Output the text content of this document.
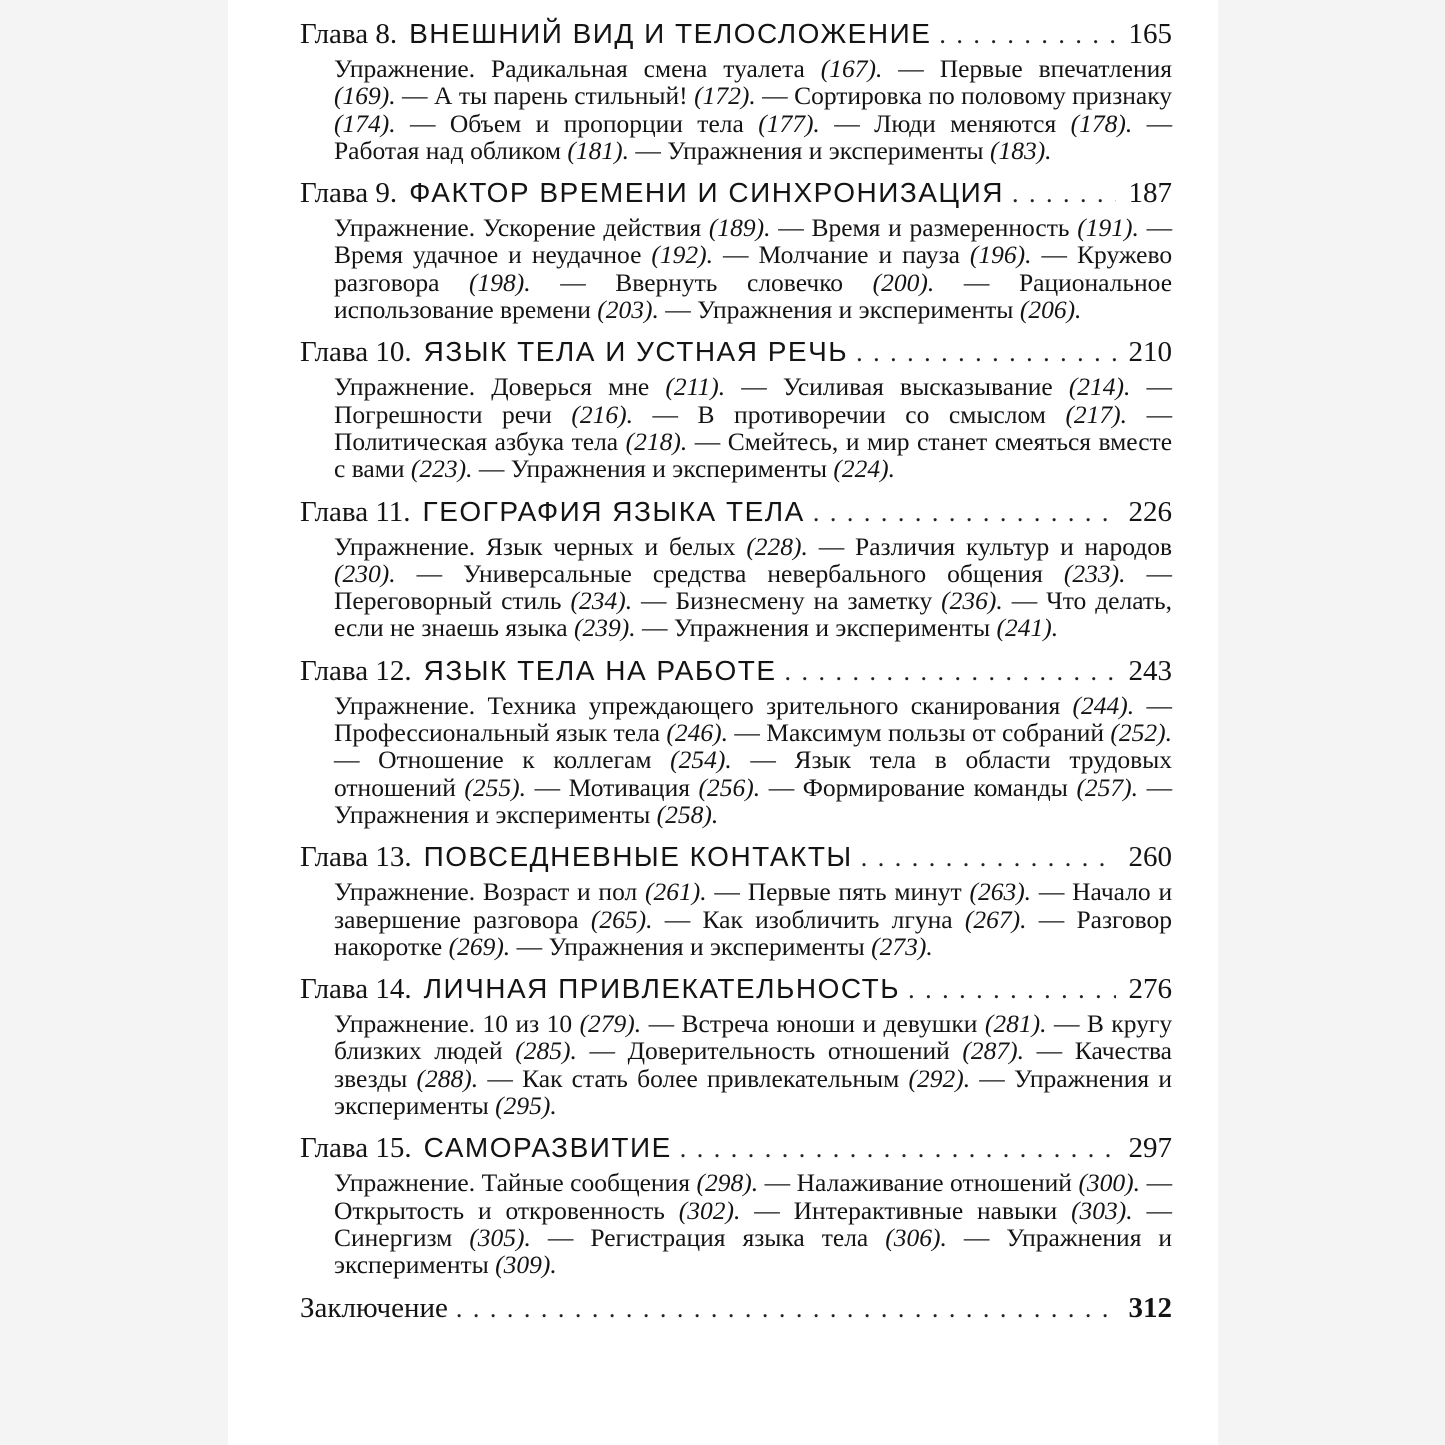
Глава 8. ВНЕШНИЙ ВИД И ТЕЛОСЛОЖЕНИЕ . . .	165
Упражнение. Радикальная смена туалета (167). — Первые впечатления (169). — А ты парень стильный! (172). — Сортировка по половому признаку (174). — Объем и пропорции тела (177). — Люди меняются (178). — Работая над обликом (181). — Упражнения и эксперименты (183).
Глава 9. ФАКТОР ВРЕМЕНИ И СИНХРОНИЗАЦИЯ . . .	187
Упражнение. Ускорение действия (189). — Время и размеренность (191). — Время удачное и неудачное (192). — Молчание и пауза (196). — Кружево разговора (198). — Ввернуть словечко (200). — Рациональное использование времени (203). — Упражнения и эксперименты (206).
Глава 10. ЯЗЫК ТЕЛА И УСТНАЯ РЕЧЬ . . .	210
Упражнение. Доверься мне (211). — Усиливая высказывание (214). — Погрешности речи (216). — В противоречии со смыслом (217). — Политическая азбука тела (218). — Смейтесь, и мир станет смеяться вместе с вами (223). — Упражнения и эксперименты (224).
Глава 11. ГЕОГРАФИЯ ЯЗЫКА ТЕЛА . . .	226
Упражнение. Язык черных и белых (228). — Различия культур и народов (230). — Универсальные средства невербального общения (233). — Переговорный стиль (234). — Бизнесмену на заметку (236). — Что делать, если не знаешь языка (239). — Упражнения и эксперименты (241).
Глава 12. ЯЗЫК ТЕЛА НА РАБОТЕ . . .	243
Упражнение. Техника упреждающего зрительного сканирования (244). — Профессиональный язык тела (246). — Максимум пользы от собраний (252). — Отношение к коллегам (254). — Язык тела в области трудовых отношений (255). — Мотивация (256). — Формирование команды (257). — Упражнения и эксперименты (258).
Глава 13. ПОВСЕДНЕВНЫЕ КОНТАКТЫ . . .	260
Упражнение. Возраст и пол (261). — Первые пять минут (263). — Начало и завершение разговора (265). — Как изобличить лгуна (267). — Разговор накоротке (269). — Упражнения и эксперименты (273).
Глава 14. ЛИЧНАЯ ПРИВЛЕКАТЕЛЬНОСТЬ . . .	276
Упражнение. 10 из 10 (279). — Встреча юноши и девушки (281). — В кругу близких людей (285). — Доверительность отношений (287). — Качества звезды (288). — Как стать более привлекательным (292). — Упражнения и эксперименты (295).
Глава 15. САМОРАЗВИТИЕ . . .	297
Упражнение. Тайные сообщения (298). — Налаживание отношений (300). — Открытость и откровенность (302). — Интерактивные навыки (303). — Синергизм (305). — Регистрация языка тела (306). — Упражнения и эксперименты (309).
Заключение . . .	312
